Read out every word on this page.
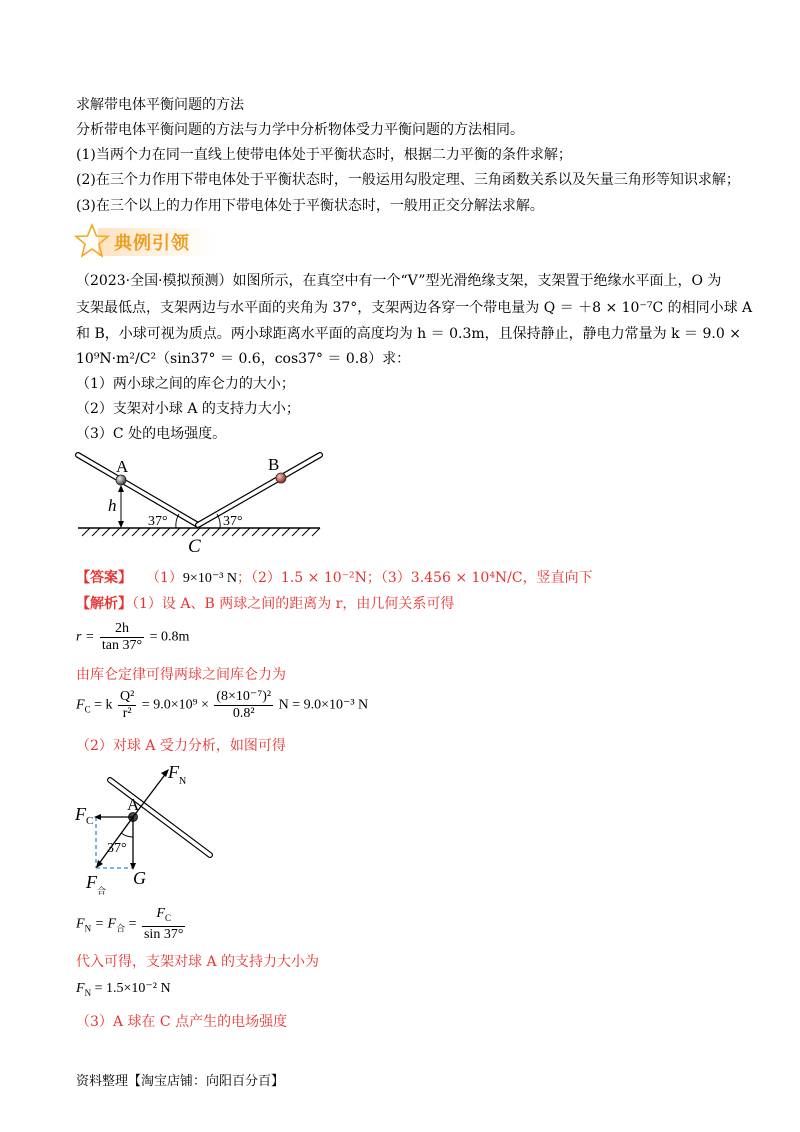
求解带电体平衡问题的方法
分析带电体平衡问题的方法与力学中分析物体受力平衡问题的方法相同。
(1)当两个力在同一直线上使带电体处于平衡状态时，根据二力平衡的条件求解；
(2)在三个力作用下带电体处于平衡状态时，一般运用勾股定理、三角函数关系以及矢量三角形等知识求解；
(3)在三个以上的力作用下带电体处于平衡状态时，一般用正交分解法求解。
典例引领
（2023·全国·模拟预测）如图所示，在真空中有一个“V”型光滑绝缘支架，支架置于绝缘水平面上，O 为
支架最低点，支架两边与水平面的夹角为 37°，支架两边各穿一个带电量为 Q ＝ ＋8 × 10⁻⁷C 的相同小球 A
和 B，小球可视为质点。两小球距离水平面的高度均为 h ＝ 0.3m，且保持静止，静电力常量为 k ＝ 9.0 ×
10⁹N·m²/C²（sin37° ＝ 0.6，cos37° ＝ 0.8）求：
（1）两小球之间的库仑力的大小；
（2）支架对小球 A 的支持力大小；
（3）C 处的电场强度。
A	B
h
37°	37°
C
【答案】 （1）9×10⁻³ N；（2）1.5 × 10⁻²N；（3）3.456 × 10⁴N/C，竖直向下
【解析】（1）设 A、B 两球之间的距离为 r，由几何关系可得
$r = \frac{2h}{\tan 37^\circ} = 0.8m$
由库仑定律可得两球之间库仑力为
$F_C = k \frac{\text{Q²}}{\text{r²}} = 9.0\times 10^9 \times \frac{\text{(8×10⁻⁷)²}}{\text{0.8²}}$ N = 9.0×10⁻³ N
（2）对球 A 受力分析，如图可得
F N
A
F C
37°
G
F 合
$F_N = F_合 = \frac{F_C}{\sin 37^\circ}$
代入可得，支架对球 A 的支持力大小为
$F_N = 1.5\times 10^{-2}$ N
（3）A 球在 C 点产生的电场强度
资料整理【淘宝店铺：向阳百分百】
